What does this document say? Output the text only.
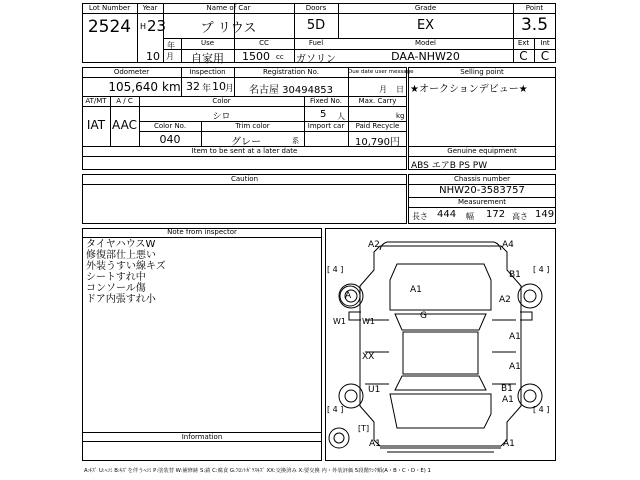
Lot Number
2524
Year
H 23
年
10 月
Name of Car
プ リウス
Doors
5D
Grade
EX
Point
3.5
Use
自家用
CC
1500 cc
Fuel
ガソリン
Model
DAA-NHW20
Ext
C
Int
C
Odometer
105,640 km
Inspection
32 年 10 月
Registration No.
名古屋 30494853
Due date user message
月 日
AT/MT
IAT
A / C
AAC
Color
シロ
Fixed No.
5 人
Max. Carry
kg
Color No.
040
Trim color
グレー	系
Import car	Paid Recycle
10,790円
Item to be sent at a later date
Selling point
★オークションデビュー★
Genuine equipment
ABS エアB PS PW
Caution	Chassis number
NHW20-3583757
Measurement
長さ 444 幅 172 高さ 149
Note from inspector
タイヤハウスW
修復部仕上悪い
外装うすい線キズ
シートすれ中
コンソール傷
ドア内張すれ小
Information
A2	A4
[ 4 ]	[ 4 ]
A1
B1
A	A2
W1 W1
G
A1
XX
A1
U1	B1
A1
[ 4 ]	[ 4 ]
[T]
A1	A1
A:ｷｽﾞ U:ﾍｺﾐ B:ｷｽﾞを伴うﾍｺﾐ P:塗装替 W:補修跡 S:錆 C:腐食 G:ﾌﾛﾝﾄｶﾞﾗｽｷｽﾞ XX:交換済み X:要交換 内・外装評価 5段階ﾗﾝｸ順(A・B・C・D・E) 1
